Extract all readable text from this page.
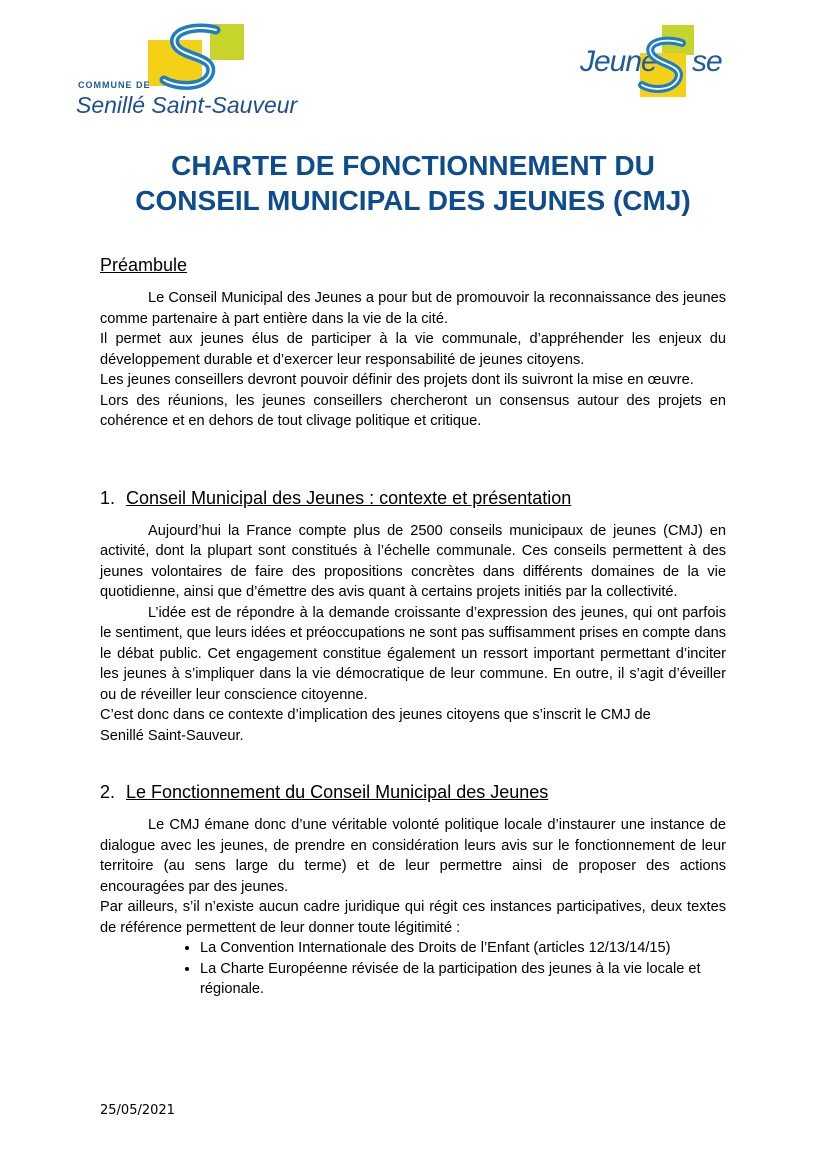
COMMUNE DE
Senillé Saint-Sauveur
Jeune se
CHARTE DE FONCTIONNEMENT DU
CONSEIL MUNICIPAL DES JEUNES (CMJ)
Préambule

Le Conseil Municipal des Jeunes a pour but de promouvoir la reconnaissance des jeunes comme partenaire à part entière dans la vie de la cité.

Il permet aux jeunes élus de participer à la vie communale, d’appréhender les enjeux du développement durable et d’exercer leur responsabilité de jeunes citoyens.

Les jeunes conseillers devront pouvoir définir des projets dont ils suivront la mise en œuvre.

Lors des réunions, les jeunes conseillers chercheront un consensus autour des projets en cohérence et en dehors de tout clivage politique et critique.

1. Conseil Municipal des Jeunes : contexte et présentation

Aujourd’hui la France compte plus de 2500 conseils municipaux de jeunes (CMJ) en activité, dont la plupart sont constitués à l’échelle communale. Ces conseils permettent à des jeunes volontaires de faire des propositions concrètes dans différents domaines de la vie quotidienne, ainsi que d’émettre des avis quant à certains projets initiés par la collectivité.

L’idée est de répondre à la demande croissante d’expression des jeunes, qui ont parfois le sentiment, que leurs idées et préoccupations ne sont pas suffisamment prises en compte dans le débat public. Cet engagement constitue également un ressort important permettant d’inciter les jeunes à s’impliquer dans la vie démocratique de leur commune. En outre, il s’agit d’éveiller ou de réveiller leur conscience citoyenne.

C’est donc dans ce contexte d’implication des jeunes citoyens que s’inscrit le CMJ de

Senillé Saint-Sauveur.

2. Le Fonctionnement du Conseil Municipal des Jeunes

Le CMJ émane donc d’une véritable volonté politique locale d’instaurer une instance de dialogue avec les jeunes, de prendre en considération leurs avis sur le fonctionnement de leur territoire (au sens large du terme) et de leur permettre ainsi de proposer des actions encouragées par des jeunes.

Par ailleurs, s’il n’existe aucun cadre juridique qui régit ces instances participatives, deux textes de référence permettent de leur donner toute légitimité :

• La Convention Internationale des Droits de l’Enfant (articles 12/13/14/15)
• La Charte Européenne révisée de la participation des jeunes à la vie locale et régionale.
25/05/2021
